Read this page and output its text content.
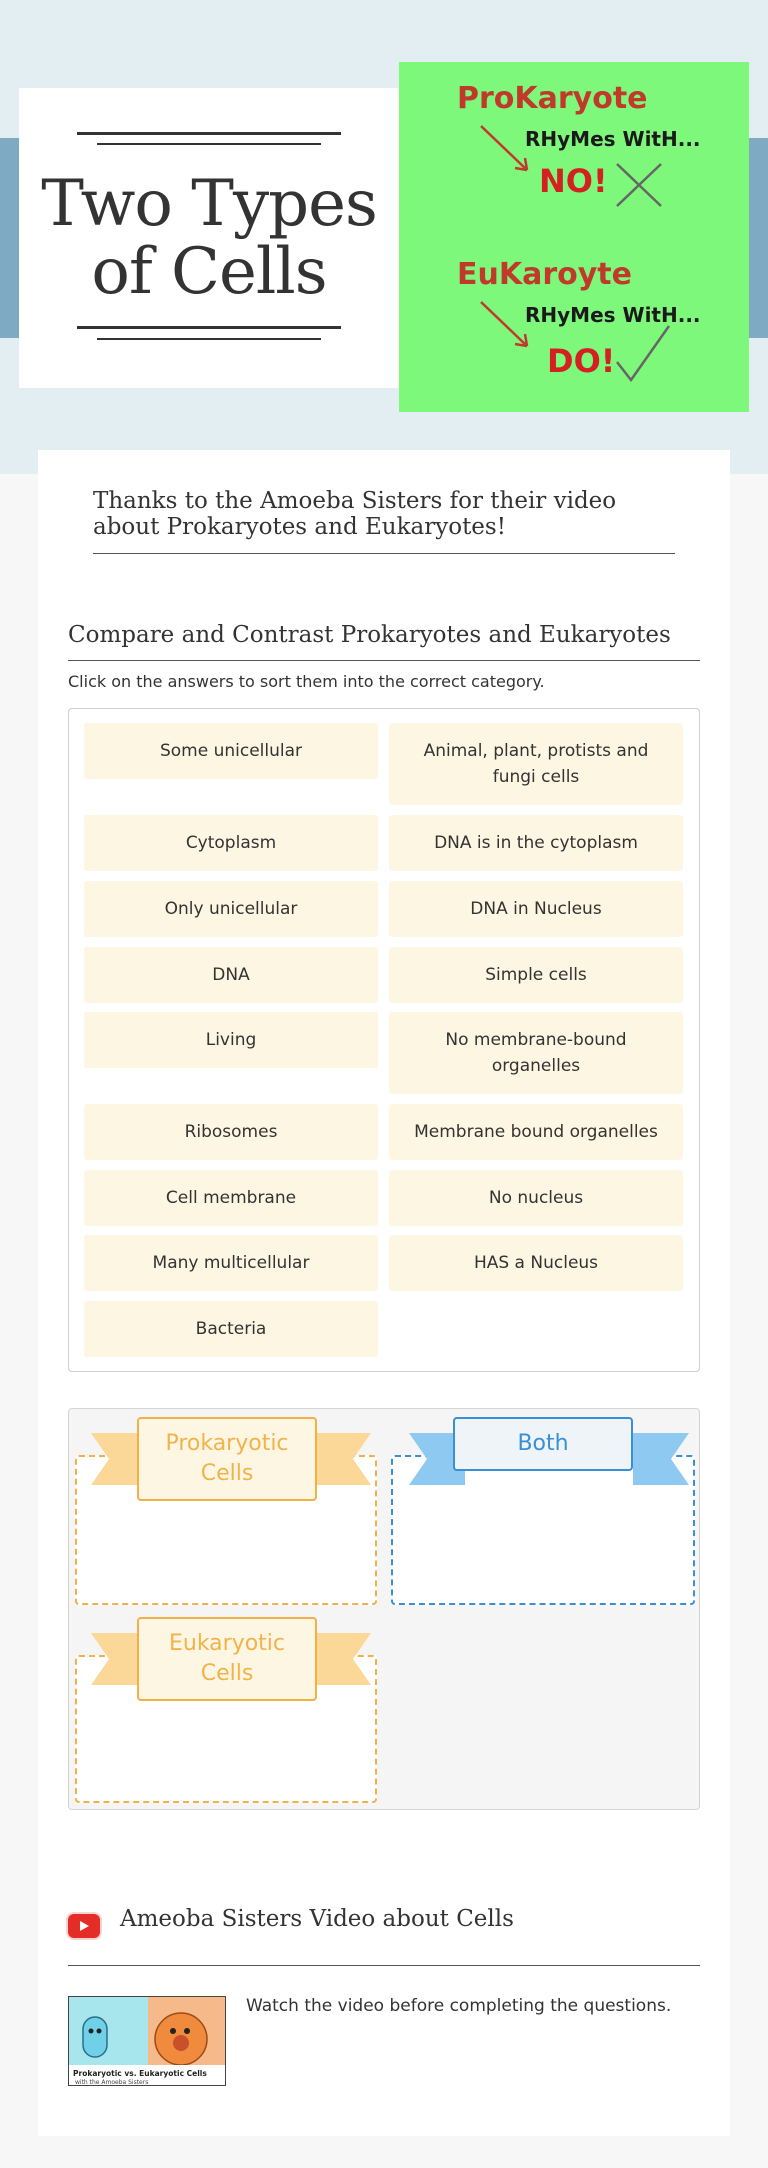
Two Types
of Cells
ProKaryote
RHyMes WitH...
NO!
EuKaroyte
RHyMes WitH...
DO!
Thanks to the Amoeba Sisters for their video about Prokaryotes and Eukaryotes!
Compare and Contrast Prokaryotes and Eukaryotes
Click on the answers to sort them into the correct category.
Some unicellular	Animal, plant, protists and fungi cells
Cytoplasm	DNA is in the cytoplasm
Only unicellular	DNA in Nucleus
DNA	Simple cells
Living	No membrane-bound organelles
Ribosomes	Membrane bound organelles
Cell membrane	No nucleus
Many multicellular	HAS a Nucleus
Bacteria
Prokaryotic Cells
Both
Eukaryotic Cells
Ameoba Sisters Video about Cells
Prokaryotic vs. Eukaryotic Cells
with the Amoeba Sisters
Watch the video before completing the questions.
